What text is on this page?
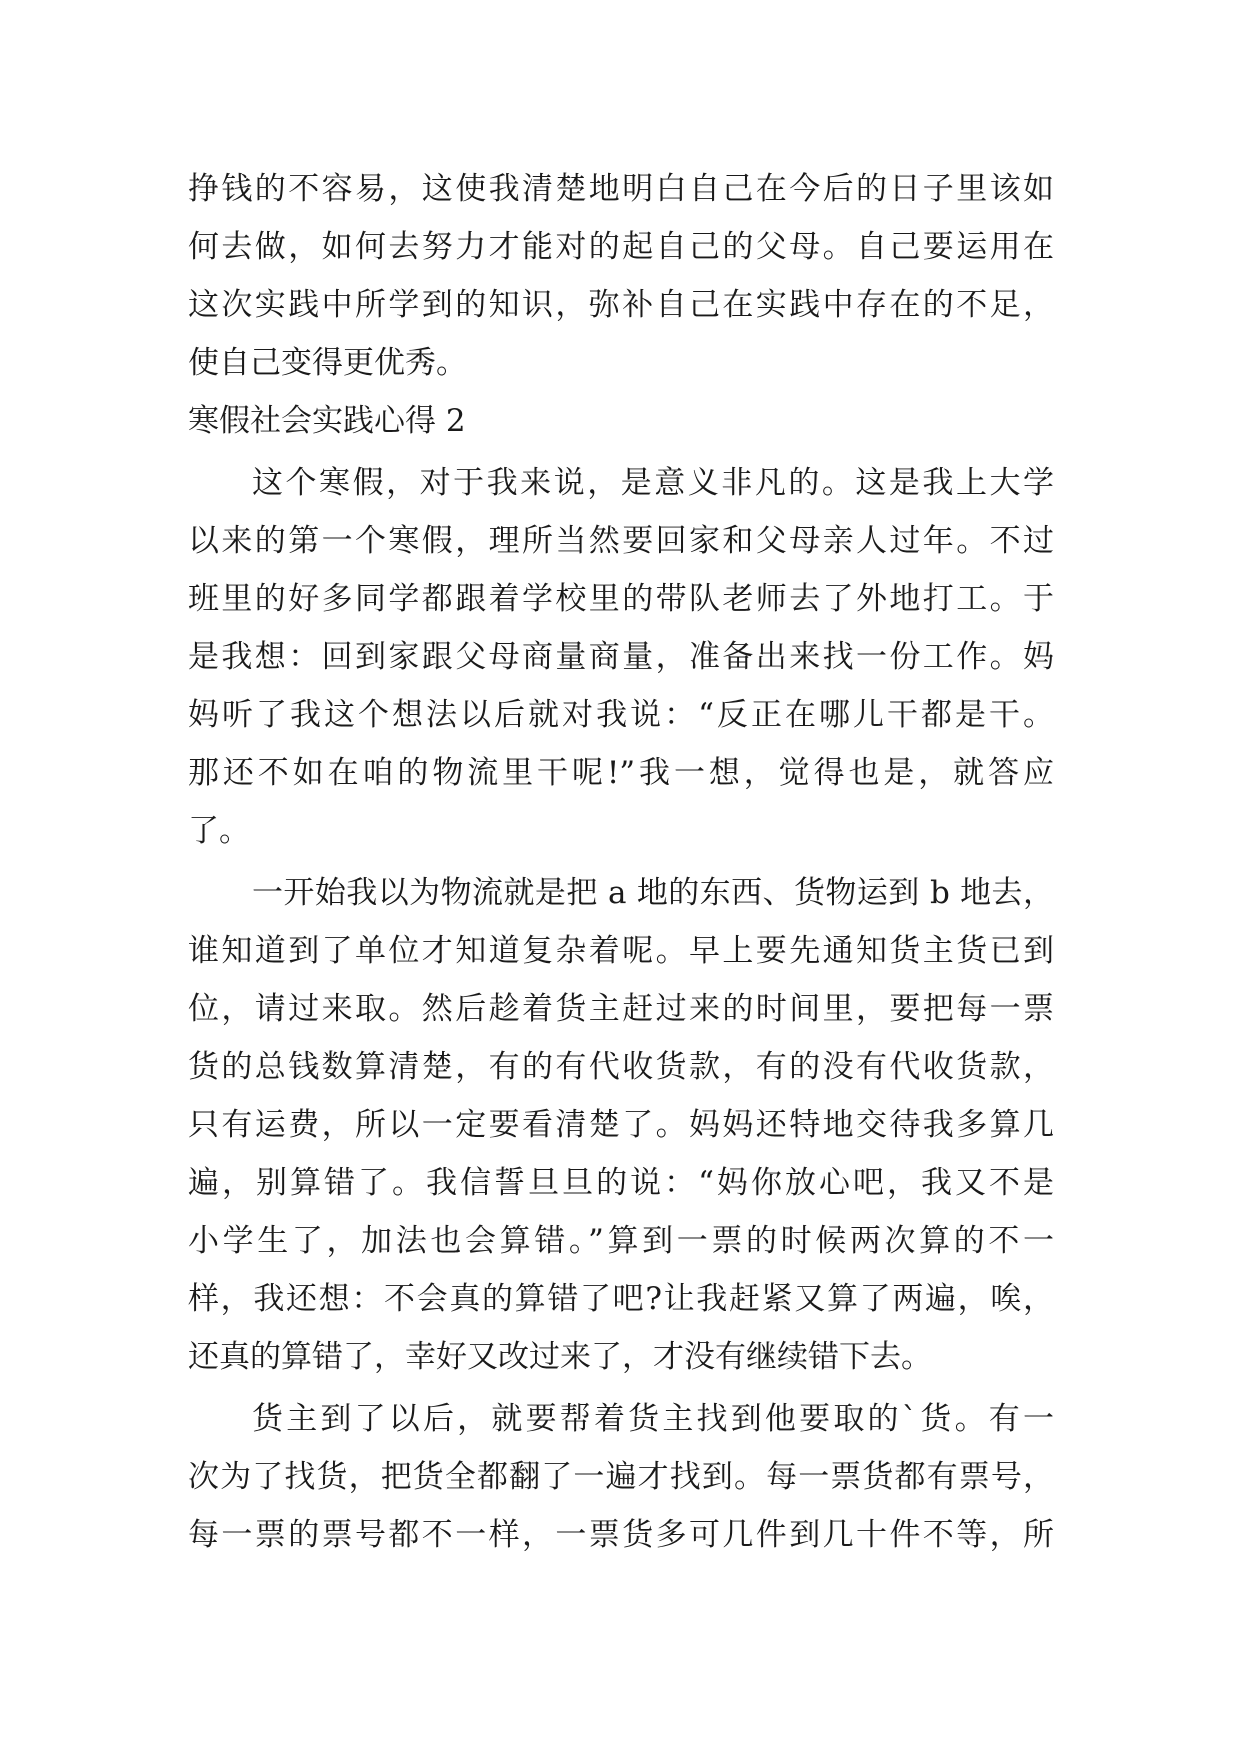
挣钱的不容易，这使我清楚地明白自己在今后的日子里该如
何去做，如何去努力才能对的起自己的父母。自己要运用在
这次实践中所学到的知识，弥补自己在实践中存在的不足，
使自己变得更优秀。
寒假社会实践心得 2
这个寒假，对于我来说，是意义非凡的。这是我上大学
以来的第一个寒假，理所当然要回家和父母亲人过年。不过
班里的好多同学都跟着学校里的带队老师去了外地打工。于
是我想：回到家跟父母商量商量，准备出来找一份工作。妈
妈听了我这个想法以后就对我说：“反正在哪儿干都是干。
那还不如在咱的物流里干呢!”我一想，觉得也是，就答应
了。
一开始我以为物流就是把 a 地的东西、货物运到 b 地去，
谁知道到了单位才知道复杂着呢。早上要先通知货主货已到
位，请过来取。然后趁着货主赶过来的时间里，要把每一票
货的总钱数算清楚，有的有代收货款，有的没有代收货款，
只有运费，所以一定要看清楚了。妈妈还特地交待我多算几
遍，别算错了。我信誓旦旦的说：“妈你放心吧，我又不是
小学生了，加法也会算错。”算到一票的时候两次算的不一
样，我还想：不会真的算错了吧?让我赶紧又算了两遍，唉，
还真的算错了，幸好又改过来了，才没有继续错下去。
货主到了以后，就要帮着货主找到他要取的`货。有一
次为了找货，把货全都翻了一遍才找到。每一票货都有票号，
每一票的票号都不一样，一票货多可几件到几十件不等，所
